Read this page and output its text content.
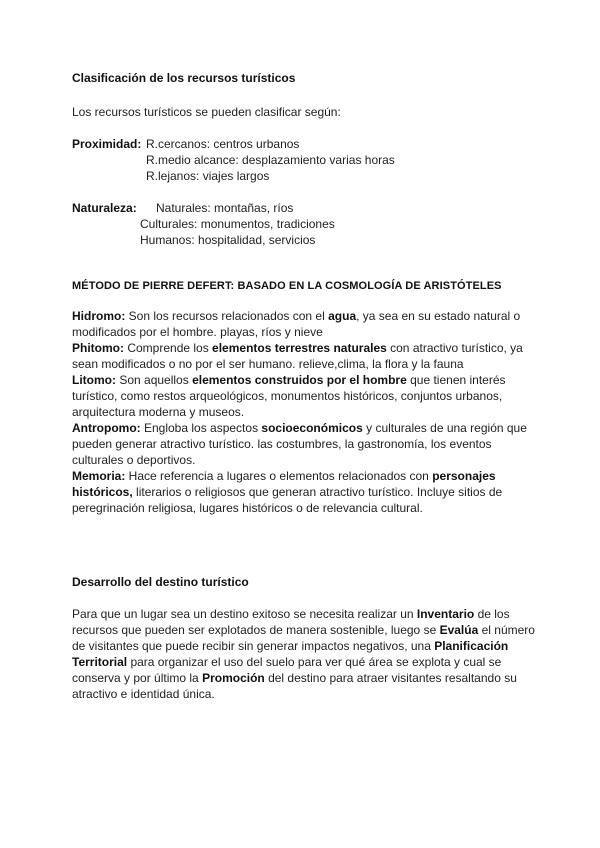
Clasificación de los recursos turísticos
Los recursos turísticos se pueden clasificar según:
Proximidad: R.cercanos: centros urbanos
R.medio alcance: desplazamiento varias horas
R.lejanos: viajes largos
Naturaleza: Naturales: montañas, ríos
Culturales: monumentos, tradiciones
Humanos: hospitalidad, servicios
MÉTODO DE PIERRE DEFERT: BASADO EN LA COSMOLOGÍA DE ARISTÓTELES
Hidromo: Son los recursos relacionados con el agua, ya sea en su estado natural o modificados por el hombre. playas, ríos y nieve
Phitomo: Comprende los elementos terrestres naturales con atractivo turístico, ya sean modificados o no por el ser humano. relieve,clima, la flora y la fauna
Litomo: Son aquellos elementos construidos por el hombre que tienen interés turístico, como restos arqueológicos, monumentos históricos, conjuntos urbanos, arquitectura moderna y museos.
Antropomo: Engloba los aspectos socioeconómicos y culturales de una región que pueden generar atractivo turístico. las costumbres, la gastronomía, los eventos culturales o deportivos.
Memoria: Hace referencia a lugares o elementos relacionados con personajes históricos, literarios o religiosos que generan atractivo turístico. Incluye sitios de peregrinación religiosa, lugares históricos o de relevancia cultural.
Desarrollo del destino turístico
Para que un lugar sea un destino exitoso se necesita realizar un Inventario de los recursos que pueden ser explotados de manera sostenible, luego se Evalúa el número de visitantes que puede recibir sin generar impactos negativos, una Planificación Territorial para organizar el uso del suelo para ver qué área se explota y cual se conserva y por último la Promoción del destino para atraer visitantes resaltando su atractivo e identidad única.
